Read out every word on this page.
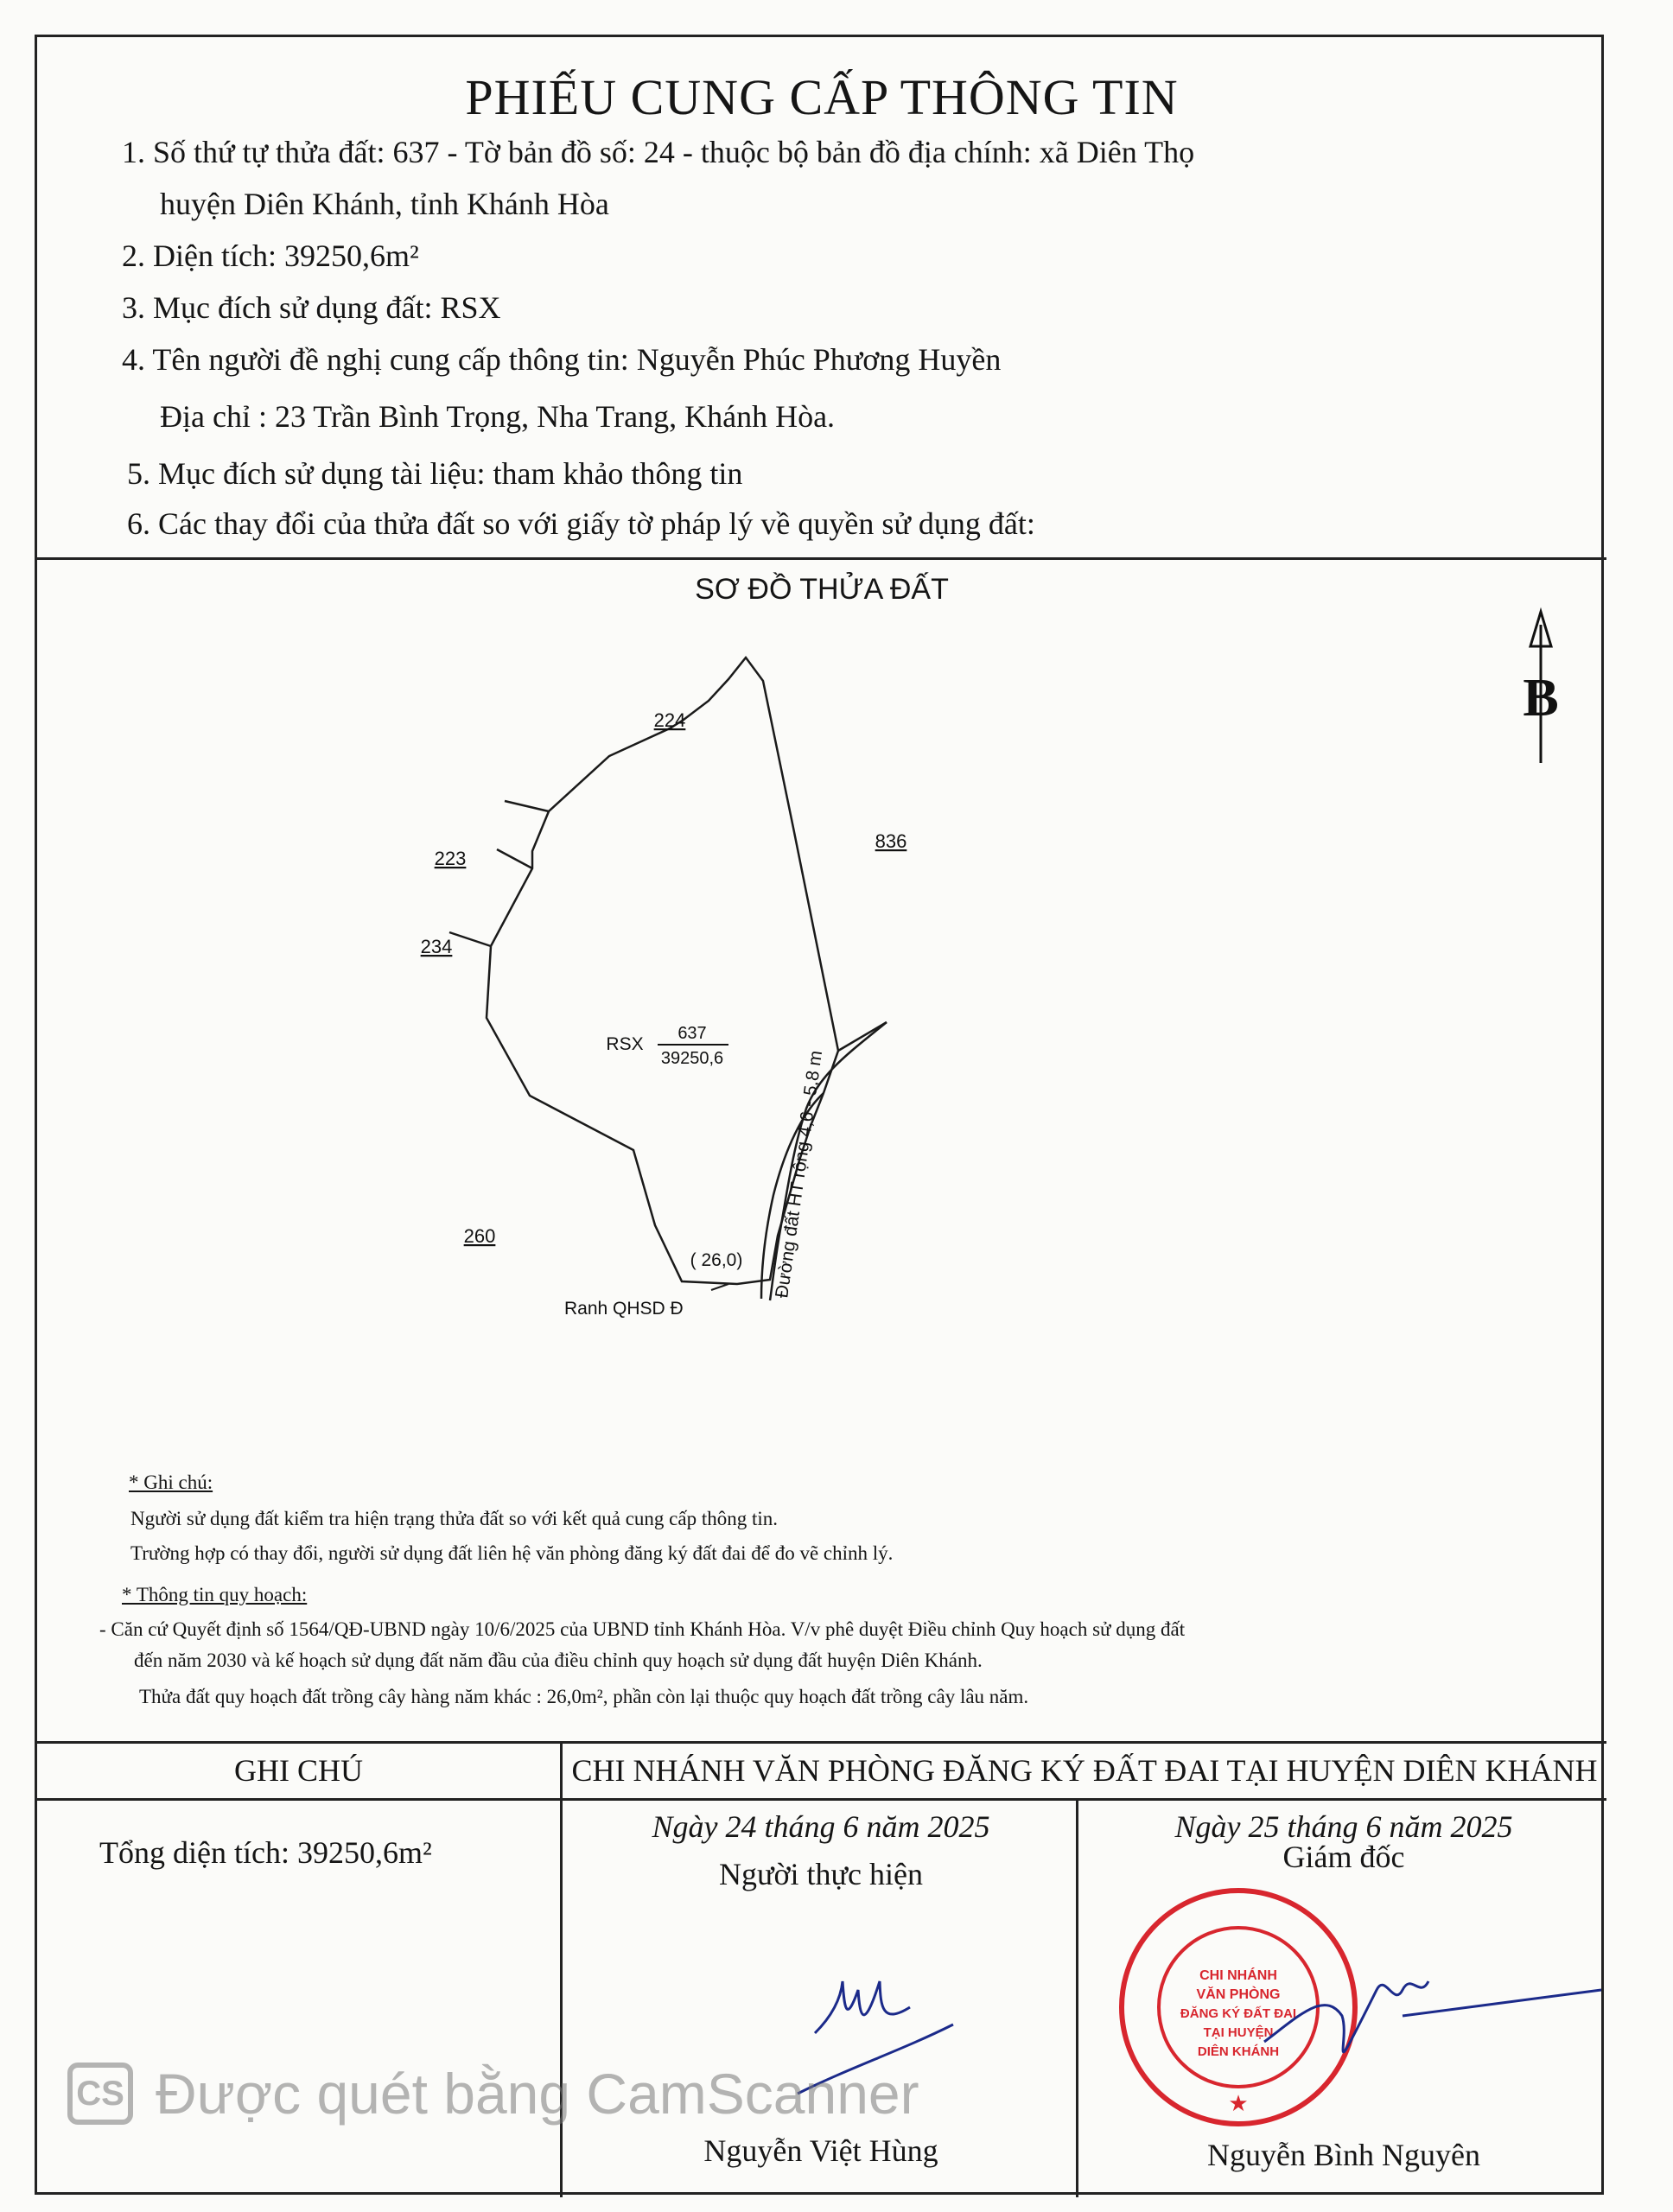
PHIẾU CUNG CẤP THÔNG TIN
1. Số thứ tự thửa đất: 637 - Tờ bản đồ số: 24 - thuộc bộ bản đồ địa chính: xã Diên Thọ
huyện Diên Khánh, tỉnh Khánh Hòa
2. Diện tích: 39250,6m²
3. Mục đích sử dụng đất: RSX
4. Tên người đề nghị cung cấp thông tin: Nguyễn Phúc Phương Huyền
Địa chỉ : 23 Trần Bình Trọng, Nha Trang, Khánh Hòa.
5. Mục đích sử dụng tài liệu: tham khảo thông tin
6. Các thay đổi của thửa đất so với giấy tờ pháp lý về quyền sử dụng đất:
SƠ ĐỒ THỬA ĐẤT
B
224
223
234
260
836
RSX
637
39250,6
( 26,0)
Ranh QHSD Đ
Đường đất HT rộng 4,6 - 5,8 m
* Ghi chú:
Người sử dụng đất kiểm tra hiện trạng thửa đất so với kết quả cung cấp thông tin.
Trường hợp có thay đổi, người sử dụng đất liên hệ văn phòng đăng ký đất đai để đo vẽ chỉnh lý.
* Thông tin quy hoạch:
- Căn cứ Quyết định số 1564/QĐ-UBND ngày 10/6/2025 của UBND tỉnh Khánh Hòa. V/v phê duyệt Điều chỉnh Quy hoạch sử dụng đất
đến năm 2030 và kế hoạch sử dụng đất năm đầu của điều chỉnh quy hoạch sử dụng đất huyện Diên Khánh.
Thửa đất quy hoạch đất trồng cây hàng năm khác : 26,0m², phần còn lại thuộc quy hoạch đất trồng cây lâu năm.
GHI CHÚ	CHI NHÁNH VĂN PHÒNG ĐĂNG KÝ ĐẤT ĐAI TẠI HUYỆN DIÊN KHÁNH
Tổng diện tích: 39250,6m²
Ngày 24 tháng 6 năm 2025
Người thực hiện
Nguyễn Việt Hùng
Ngày 25 tháng 6 năm 2025
Giám đốc
Nguyễn Bình Nguyên
CHI NHÁNH
VĂN PHÒNG
ĐĂNG KÝ ĐẤT ĐAI
TẠI HUYỆN
DIÊN KHÁNH
★
CS Được quét bằng CamScanner
